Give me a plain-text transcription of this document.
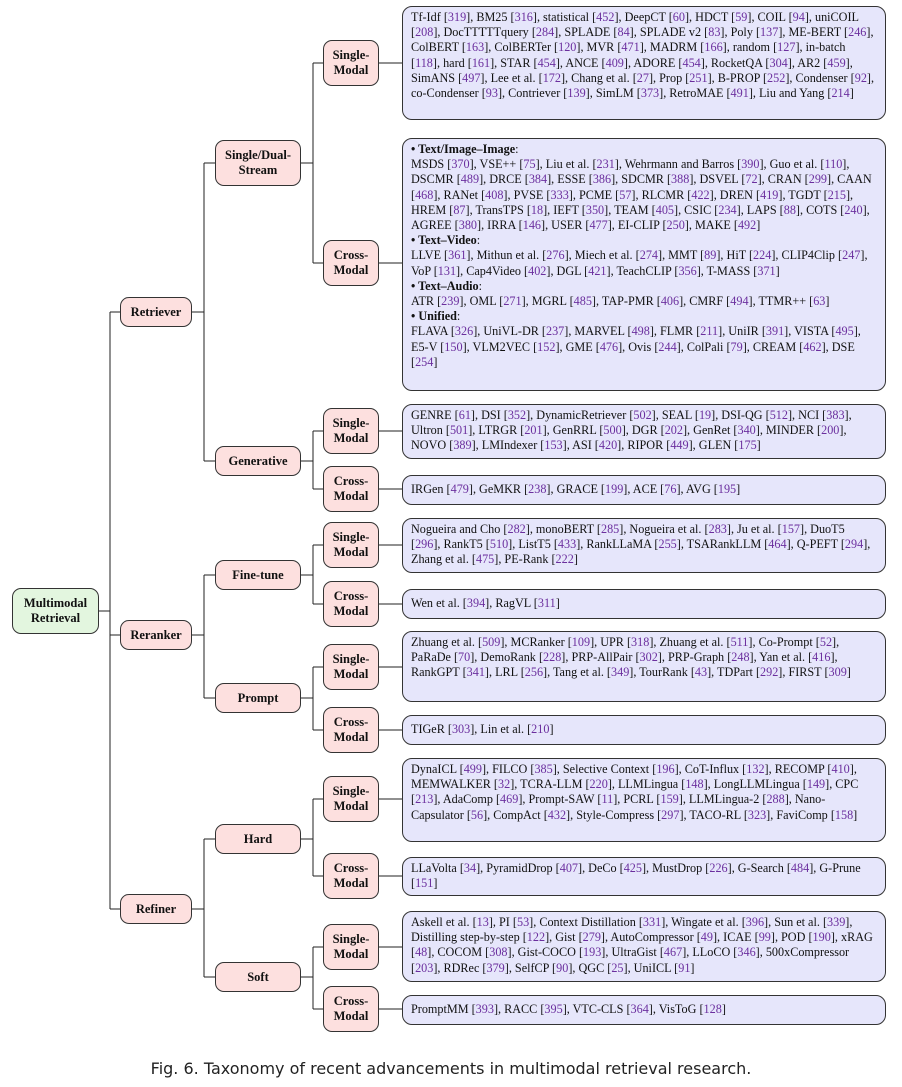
Multimodal Retrieval
Retriever
Reranker
Refiner
Single/Dual-Stream
Generative
Fine-tune
Prompt
Hard
Soft
Single-Modal
Cross-Modal
Single-Modal
Cross-Modal
Single-Modal
Cross-Modal
Single-Modal
Cross-Modal
Single-Modal
Cross-Modal
Single-Modal
Cross-Modal
Tf-Idf [319], BM25 [316], statistical [452], DeepCT [60], HDCT [59], COIL [94], uniCOIL [208], DocTTTTTquery [284], SPLADE [84], SPLADE v2 [83], Poly [137], ME-BERT [246], ColBERT [163], ColBERTer [120], MVR [471], MADRM [166], random [127], in-batch [118], hard [161], STAR [454], ANCE [409], ADORE [454], RocketQA [304], AR2 [459], SimANS [497], Lee et al. [172], Chang et al. [27], Prop [251], B-PROP [252], Condenser [92], co-Condenser [93], Contriever [139], SimLM [373], RetroMAE [491], Liu and Yang [214]
• Text/Image–Image:
MSDS [370], VSE++ [75], Liu et al. [231], Wehrmann and Barros [390], Guo et al. [110], DSCMR [489], DRCE [384], ESSE [386], SDCMR [388], DSVEL [72], CRAN [299], CAAN [468], RANet [408], PVSE [333], PCME [57], RLCMR [422], DREN [419], TGDT [215], HREM [87], TransTPS [18], IEFT [350], TEAM [405], CSIC [234], LAPS [88], COTS [240], AGREE [380], IRRA [146], USER [477], EI-CLIP [250], MAKE [492]
• Text–Video:
LLVE [361], Mithun et al. [276], Miech et al. [274], MMT [89], HiT [224], CLIP4Clip [247], VoP [131], Cap4Video [402], DGL [421], TeachCLIP [356], T-MASS [371]
• Text–Audio:
ATR [239], OML [271], MGRL [485], TAP-PMR [406], CMRF [494], TTMR++ [63]
• Unified:
FLAVA [326], UniVL-DR [237], MARVEL [498], FLMR [211], UniIR [391], VISTA [495], E5-V [150], VLM2VEC [152], GME [476], Ovis [244], ColPali [79], CREAM [462], DSE [254]
GENRE [61], DSI [352], DynamicRetriever [502], SEAL [19], DSI-QG [512], NCI [383], Ultron [501], LTRGR [201], GenRRL [500], DGR [202], GenRet [340], MINDER [200], NOVO [389], LMIndexer [153], ASI [420], RIPOR [449], GLEN [175]
IRGen [479], GeMKR [238], GRACE [199], ACE [76], AVG [195]
Nogueira and Cho [282], monoBERT [285], Nogueira et al. [283], Ju et al. [157], DuoT5 [296], RankT5 [510], ListT5 [433], RankLLaMA [255], TSARankLLM [464], Q-PEFT [294], Zhang et al. [475], PE-Rank [222]
Wen et al. [394], RagVL [311]
Zhuang et al. [509], MCRanker [109], UPR [318], Zhuang et al. [511], Co-Prompt [52], PaRaDe [70], DemoRank [228], PRP-AllPair [302], PRP-Graph [248], Yan et al. [416], RankGPT [341], LRL [256], Tang et al. [349], TourRank [43], TDPart [292], FIRST [309]
TIGeR [303], Lin et al. [210]
DynaICL [499], FILCO [385], Selective Context [196], CoT-Influx [132], RECOMP [410], MEMWALKER [32], TCRA-LLM [220], LLMLingua [148], LongLLMLingua [149], CPC [213], AdaComp [469], Prompt-SAW [11], PCRL [159], LLMLingua-2 [288], Nano-Capsulator [56], CompAct [432], Style-Compress [297], TACO-RL [323], FaviComp [158]
LLaVolta [34], PyramidDrop [407], DeCo [425], MustDrop [226], G-Search [484], G-Prune [151]
Askell et al. [13], PI [53], Context Distillation [331], Wingate et al. [396], Sun et al. [339], Distilling step-by-step [122], Gist [279], AutoCompressor [49], ICAE [99], POD [190], xRAG [48], COCOM [308], Gist-COCO [193], UltraGist [467], LLoCO [346], 500xCompressor [203], RDRec [379], SelfCP [90], QGC [25], UniICL [91]
PromptMM [393], RACC [395], VTC-CLS [364], VisToG [128]
Fig. 6. Taxonomy of recent advancements in multimodal retrieval research.
